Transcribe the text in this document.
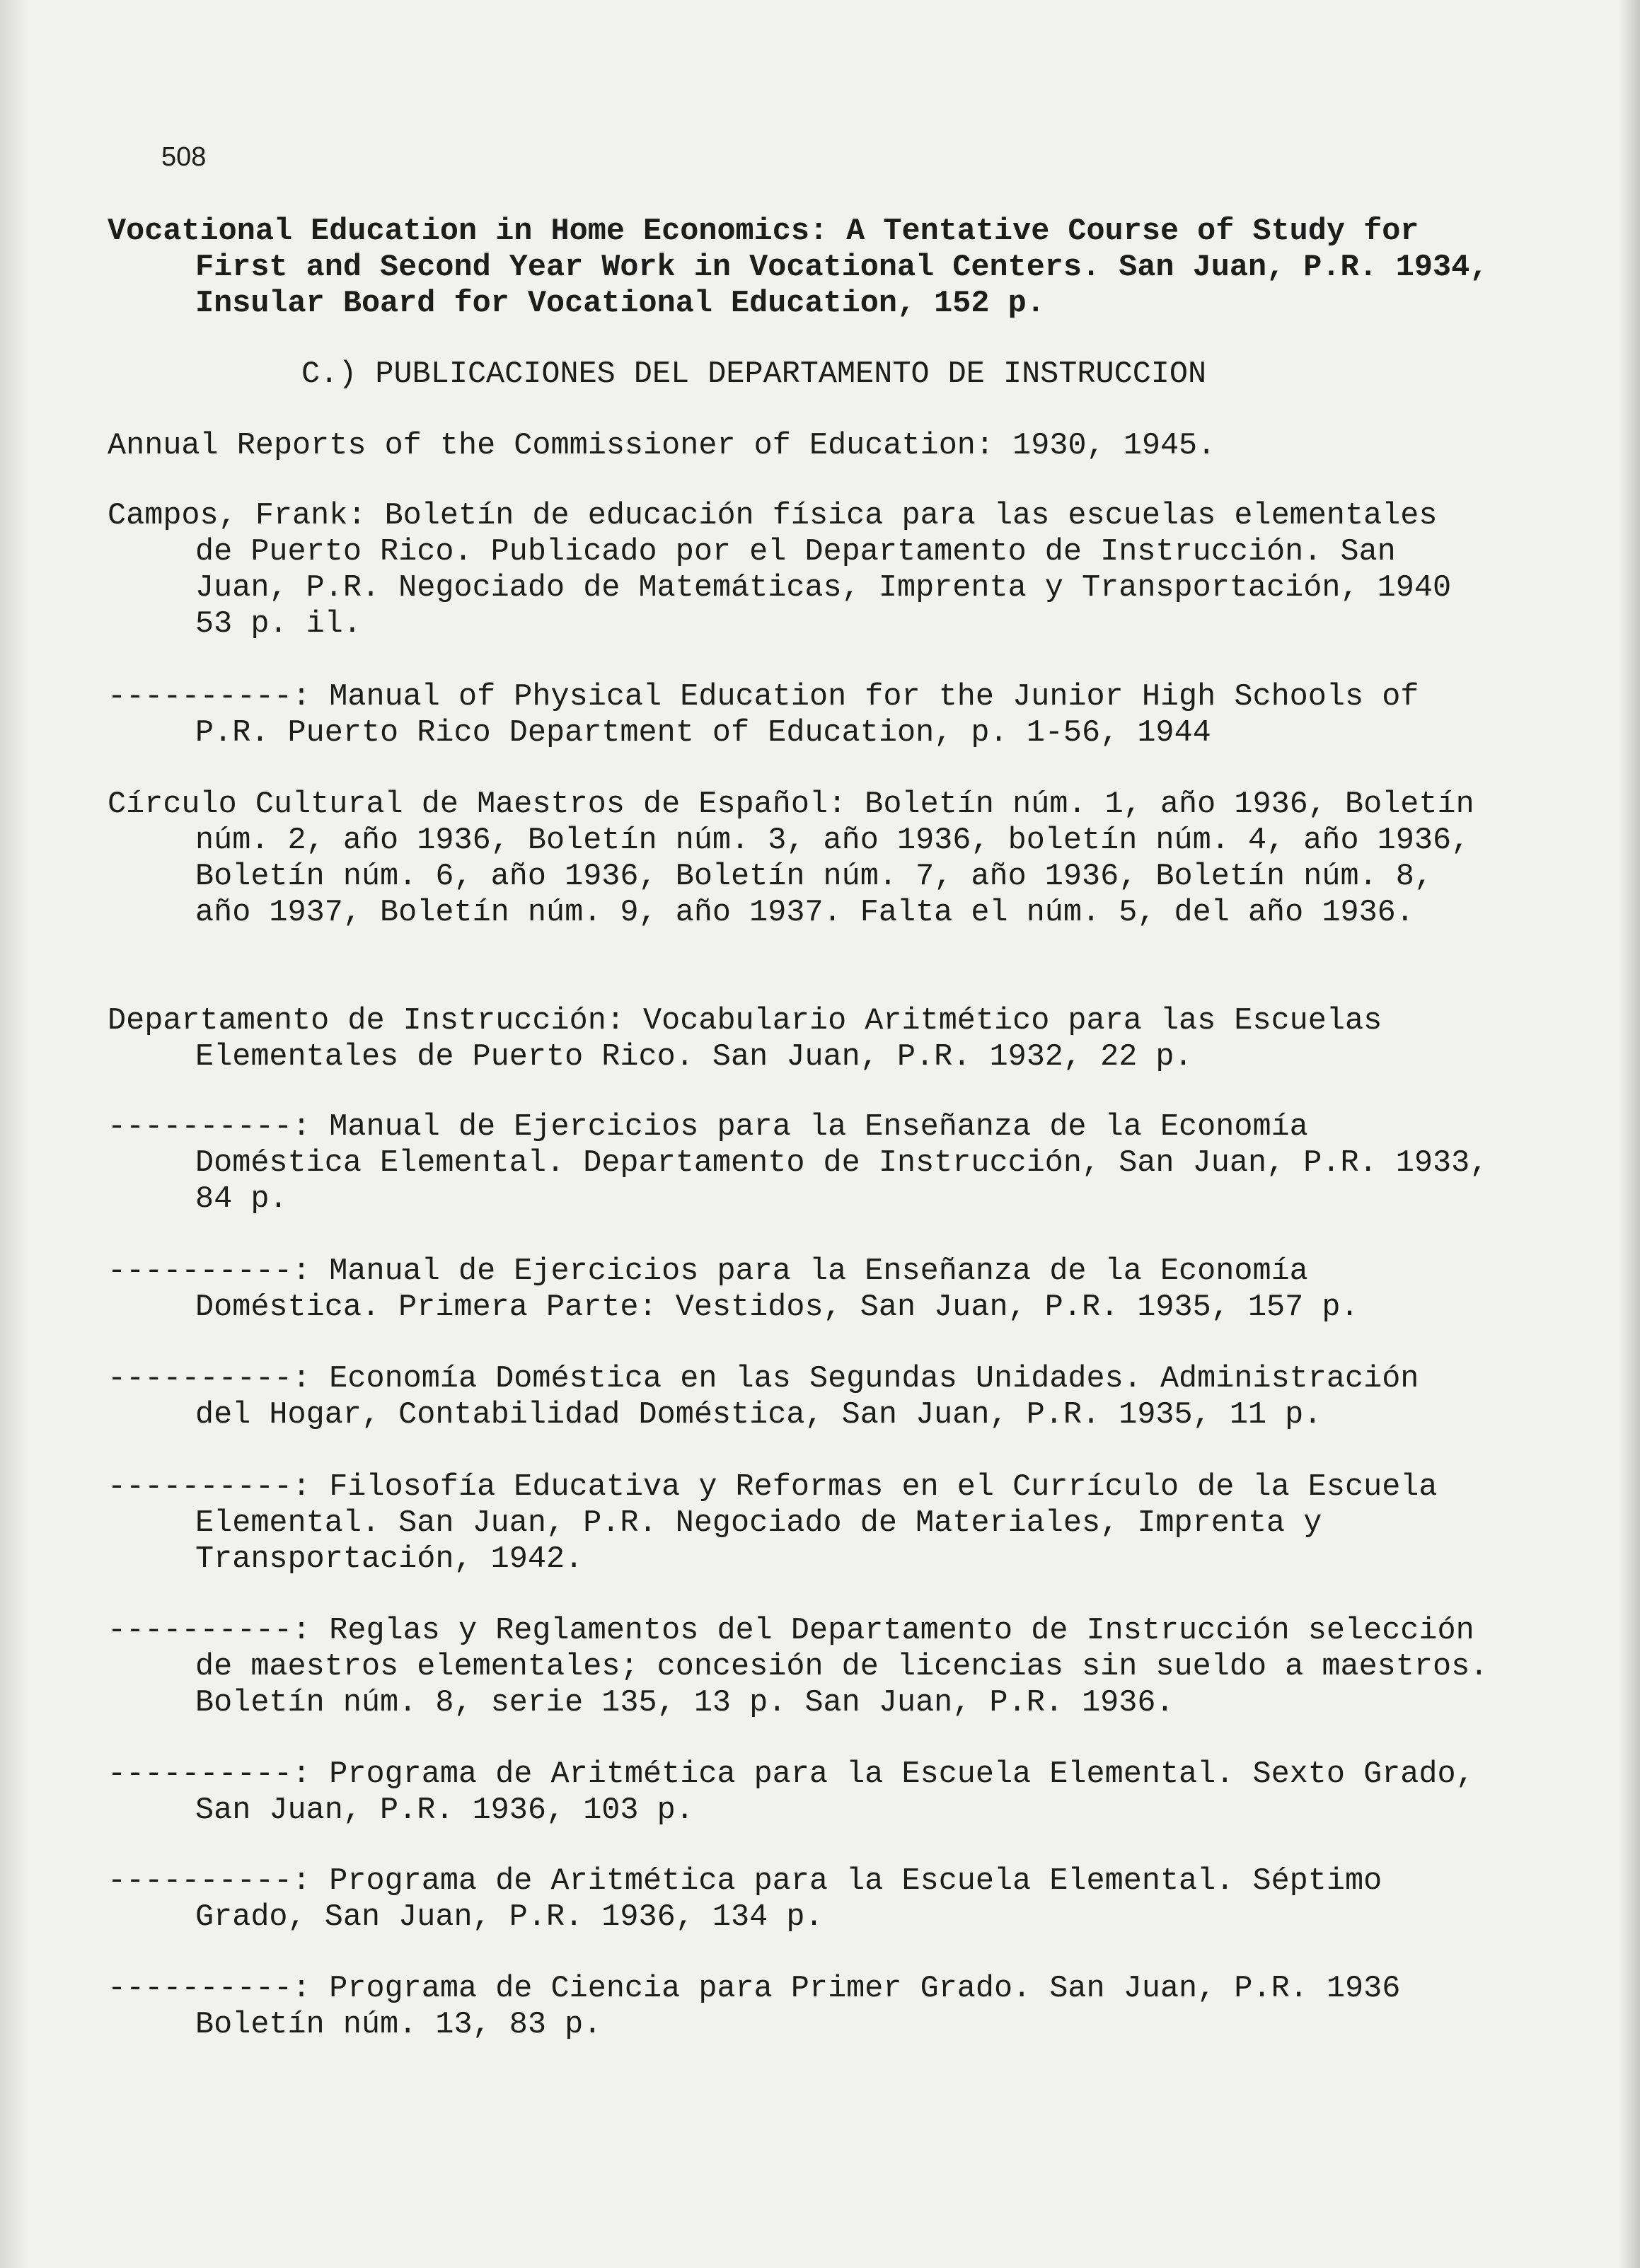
508
Vocational Education in Home Economics: A Tentative Course of Study for First and Second Year Work in Vocational Centers. San Juan, P.R. 1934, Insular Board for Vocational Education, 152 p.
C.) PUBLICACIONES DEL DEPARTAMENTO DE INSTRUCCION
Annual Reports of the Commissioner of Education: 1930, 1945.
Campos, Frank: Boletín de educación física para las escuelas elementales de Puerto Rico. Publicado por el Departamento de Instrucción. San Juan, P.R. Negociado de Matemáticas, Imprenta y Transportación, 1940 53 p. il.
----------: Manual of Physical Education for the Junior High Schools of P.R. Puerto Rico Department of Education, p. 1-56, 1944
Círculo Cultural de Maestros de Español: Boletín núm. 1, año 1936, Boletín núm. 2, año 1936, Boletín núm. 3, año 1936, boletín núm. 4, año 1936, Boletín núm. 6, año 1936, Boletín núm. 7, año 1936, Boletín núm. 8, año 1937, Boletín núm. 9, año 1937. Falta el núm. 5, del año 1936.
Departamento de Instrucción: Vocabulario Aritmético para las Escuelas Elementales de Puerto Rico. San Juan, P.R. 1932, 22 p.
----------: Manual de Ejercicios para la Enseñanza de la Economía Doméstica Elemental. Departamento de Instrucción, San Juan, P.R. 1933, 84 p.
----------: Manual de Ejercicios para la Enseñanza de la Economía Doméstica. Primera Parte: Vestidos, San Juan, P.R. 1935, 157 p.
----------: Economía Doméstica en las Segundas Unidades. Administración del Hogar, Contabilidad Doméstica, San Juan, P.R. 1935, 11 p.
----------: Filosofía Educativa y Reformas en el Currículo de la Escuela Elemental. San Juan, P.R. Negociado de Materiales, Imprenta y Transportación, 1942.
----------: Reglas y Reglamentos del Departamento de Instrucción selección de maestros elementales; concesión de licencias sin sueldo a maestros. Boletín núm. 8, serie 135, 13 p. San Juan, P.R. 1936.
----------: Programa de Aritmética para la Escuela Elemental. Sexto Grado, San Juan, P.R. 1936, 103 p.
----------: Programa de Aritmética para la Escuela Elemental. Séptimo Grado, San Juan, P.R. 1936, 134 p.
----------: Programa de Ciencia para Primer Grado. San Juan, P.R. 1936 Boletín núm. 13, 83 p.
